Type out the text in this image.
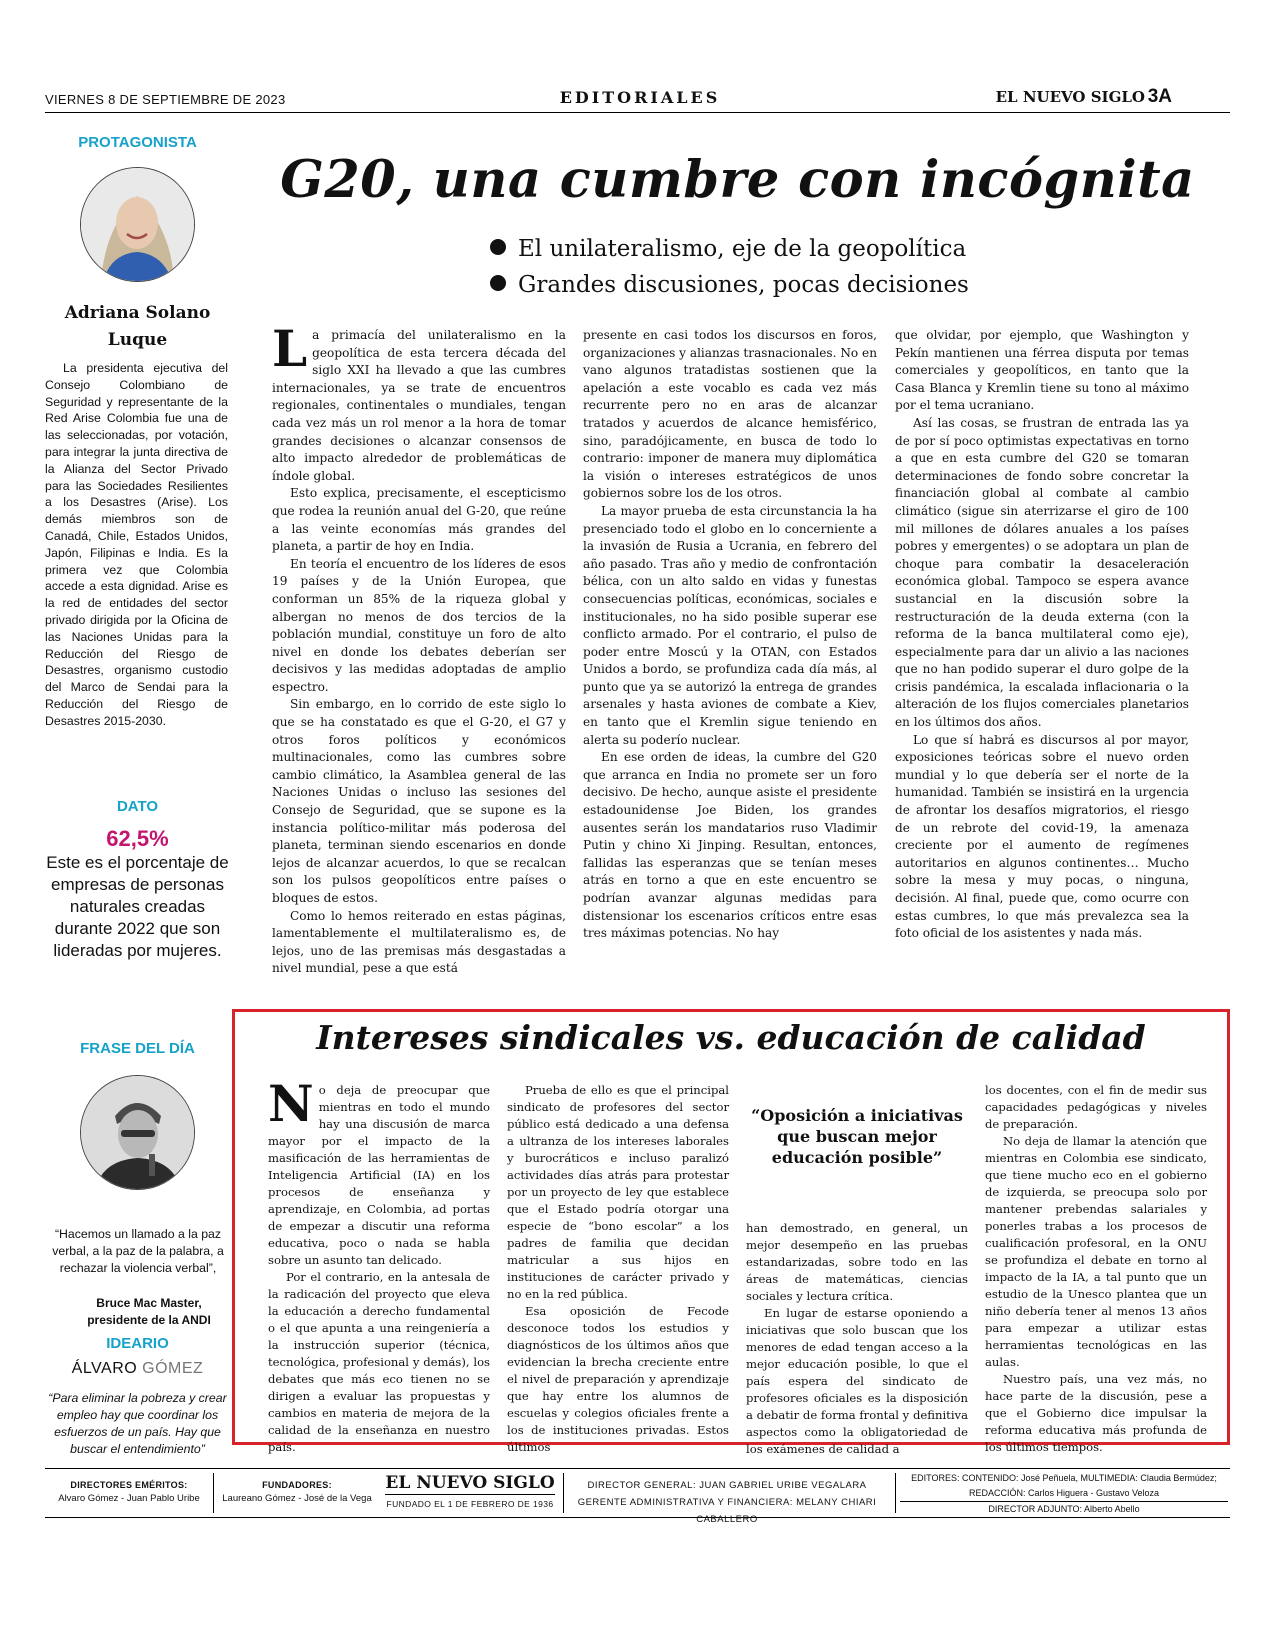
VIERNES 8 DE SEPTIEMBRE DE 2023	EDITORIALES	EL NUEVO SIGLO 3A
PROTAGONISTA
Adriana Solano Luque
La presidenta ejecutiva del Consejo Colombiano de Seguridad y representante de la Red Arise Colombia fue una de las seleccionadas, por votación, para integrar la junta directiva de la Alianza del Sector Privado para las Sociedades Resilientes a los Desastres (Arise). Los demás miembros son de Canadá, Chile, Estados Unidos, Japón, Filipinas e India. Es la primera vez que Colombia accede a esta dignidad. Arise es la red de entidades del sector privado dirigida por la Oficina de las Naciones Unidas para la Reducción del Riesgo de Desastres, organismo custodio del Marco de Sendai para la Reducción del Riesgo de Desastres 2015-2030.
DATO
62,5%
Este es el porcentaje de empresas de personas naturales creadas durante 2022 que son lideradas por mujeres.
FRASE DEL DÍA
“Hacemos un llamado a la paz verbal, a la paz de la palabra, a rechazar la violencia verbal”,
Bruce Mac Master,
presidente de la ANDI
IDEARIO
ÁLVARO GÓMEZ
“Para eliminar la pobreza y crear empleo hay que coordinar los esfuerzos de un país. Hay que buscar el entendimiento”
G20, una cumbre con incógnita
El unilateralismo, eje de la geopolítica
Grandes discusiones, pocas decisiones

La primacía del unilateralismo en la geopolítica de esta tercera década del siglo XXI ha llevado a que las cumbres internacionales, ya se trate de encuentros regionales, continentales o mundiales, tengan cada vez más un rol menor a la hora de tomar grandes decisiones o alcanzar consensos de alto impacto alrededor de problemáticas de índole global.

Esto explica, precisamente, el escepticismo que rodea la reunión anual del G-20, que reúne a las veinte economías más grandes del planeta, a partir de hoy en India.

En teoría el encuentro de los líderes de esos 19 países y de la Unión Europea, que conforman un 85% de la riqueza global y albergan no menos de dos tercios de la población mundial, constituye un foro de alto nivel en donde los debates deberían ser decisivos y las medidas adoptadas de amplio espectro.

Sin embargo, en lo corrido de este siglo lo que se ha constatado es que el G-20, el G7 y otros foros políticos y económicos multinacionales, como las cumbres sobre cambio climático, la Asamblea general de las Naciones Unidas o incluso las sesiones del Consejo de Seguridad, que se supone es la instancia político-militar más poderosa del planeta, terminan siendo escenarios en donde lejos de alcanzar acuerdos, lo que se recalcan son los pulsos geopolíticos entre países o bloques de estos.

Como lo hemos reiterado en estas páginas, lamentablemente el multilateralismo es, de lejos, uno de las premisas más desgastadas a nivel mundial, pese a que está

presente en casi todos los discursos en foros, organizaciones y alianzas trasnacionales. No en vano algunos tratadistas sostienen que la apelación a este vocablo es cada vez más recurrente pero no en aras de alcanzar tratados y acuerdos de alcance hemisférico, sino, paradójicamente, en busca de todo lo contrario: imponer de manera muy diplomática la visión o intereses estratégicos de unos gobiernos sobre los de los otros.

La mayor prueba de esta circunstancia la ha presenciado todo el globo en lo concerniente a la invasión de Rusia a Ucrania, en febrero del año pasado. Tras año y medio de confrontación bélica, con un alto saldo en vidas y funestas consecuencias políticas, económicas, sociales e institucionales, no ha sido posible superar ese conflicto armado. Por el contrario, el pulso de poder entre Moscú y la OTAN, con Estados Unidos a bordo, se profundiza cada día más, al punto que ya se autorizó la entrega de grandes arsenales y hasta aviones de combate a Kiev, en tanto que el Kremlin sigue teniendo en alerta su poderío nuclear.

En ese orden de ideas, la cumbre del G20 que arranca en India no promete ser un foro decisivo. De hecho, aunque asiste el presidente estadounidense Joe Biden, los grandes ausentes serán los mandatarios ruso Vladimir Putin y chino Xi Jinping. Resultan, entonces, fallidas las esperanzas que se tenían meses atrás en torno a que en este encuentro se podrían avanzar algunas medidas para distensionar los escenarios críticos entre esas tres máximas potencias. No hay

que olvidar, por ejemplo, que Washington y Pekín mantienen una férrea disputa por temas comerciales y geopolíticos, en tanto que la Casa Blanca y Kremlin tiene su tono al máximo por el tema ucraniano.

Así las cosas, se frustran de entrada las ya de por sí poco optimistas expectativas en torno a que en esta cumbre del G20 se tomaran determinaciones de fondo sobre concretar la financiación global al combate al cambio climático (sigue sin aterrizarse el giro de 100 mil millones de dólares anuales a los países pobres y emergentes) o se adoptara un plan de choque para combatir la desaceleración económica global. Tampoco se espera avance sustancial en la discusión sobre la restructuración de la deuda externa (con la reforma de la banca multilateral como eje), especialmente para dar un alivio a las naciones que no han podido superar el duro golpe de la crisis pandémica, la escalada inflacionaria o la alteración de los flujos comerciales planetarios en los últimos dos años.

Lo que sí habrá es discursos al por mayor, exposiciones teóricas sobre el nuevo orden mundial y lo que debería ser el norte de la humanidad. También se insistirá en la urgencia de afrontar los desafíos migratorios, el riesgo de un rebrote del covid-19, la amenaza creciente por el aumento de regímenes autoritarios en algunos continentes… Mucho sobre la mesa y muy pocas, o ninguna, decisión. Al final, puede que, como ocurre con estas cumbres, lo que más prevalezca sea la foto oficial de los asistentes y nada más.

Intereses sindicales vs. educación de calidad

No deja de preocupar que mientras en todo el mundo hay una discusión de marca mayor por el impacto de la masificación de las herramientas de Inteligencia Artificial (IA) en los procesos de enseñanza y aprendizaje, en Colombia, ad portas de empezar a discutir una reforma educativa, poco o nada se habla sobre un asunto tan delicado.

Por el contrario, en la antesala de la radicación del proyecto que eleva la educación a derecho fundamental o el que apunta a una reingeniería a la instrucción superior (técnica, tecnológica, profesional y demás), los debates que más eco tienen no se dirigen a evaluar las propuestas y cambios en materia de mejora de la calidad de la enseñanza en nuestro país.

Prueba de ello es que el principal sindicato de profesores del sector público está dedicado a una defensa a ultranza de los intereses laborales y burocráticos e incluso paralizó actividades días atrás para protestar por un proyecto de ley que establece que el Estado podría otorgar una especie de “bono escolar” a los padres de familia que decidan matricular a sus hijos en instituciones de carácter privado y no en la red pública.

Esa oposición de Fecode desconoce todos los estudios y diagnósticos de los últimos años que evidencian la brecha creciente entre el nivel de preparación y aprendizaje que hay entre los alumnos de escuelas y colegios oficiales frente a los de instituciones privadas. Estos últimos

“Oposición a iniciativas que buscan mejor educación posible”

han demostrado, en general, un mejor desempeño en las pruebas estandarizadas, sobre todo en las áreas de matemáticas, ciencias sociales y lectura crítica.

En lugar de estarse oponiendo a iniciativas que solo buscan que los menores de edad tengan acceso a la mejor educación posible, lo que el país espera del sindicato de profesores oficiales es la disposición a debatir de forma frontal y definitiva aspectos como la obligatoriedad de los exámenes de calidad a

los docentes, con el fin de medir sus capacidades pedagógicas y niveles de preparación.

No deja de llamar la atención que mientras en Colombia ese sindicato, que tiene mucho eco en el gobierno de izquierda, se preocupa solo por mantener prebendas salariales y ponerles trabas a los procesos de cualificación profesoral, en la ONU se profundiza el debate en torno al impacto de la IA, a tal punto que un estudio de la Unesco plantea que un niño debería tener al menos 13 años para empezar a utilizar estas herramientas tecnológicas en las aulas.

Nuestro país, una vez más, no hace parte de la discusión, pese a que el Gobierno dice impulsar la reforma educativa más profunda de los últimos tiempos.

DIRECTORES EMÉRITOS:
Alvaro Gómez - Juan Pablo Uribe
FUNDADORES:
Laureano Gómez - José de la Vega
EL NUEVO SIGLO
FUNDADO EL 1 DE FEBRERO DE 1936
DIRECTOR GENERAL: JUAN GABRIEL URIBE VEGALARA
GERENTE ADMINISTRATIVA Y FINANCIERA: MELANY CHIARI CABALLERO
EDITORES: CONTENIDO: José Peñuela, MULTIMEDIA: Claudia Bermúdez;
REDACCIÓN: Carlos Higuera - Gustavo Veloza
DIRECTOR ADJUNTO: Alberto Abello
